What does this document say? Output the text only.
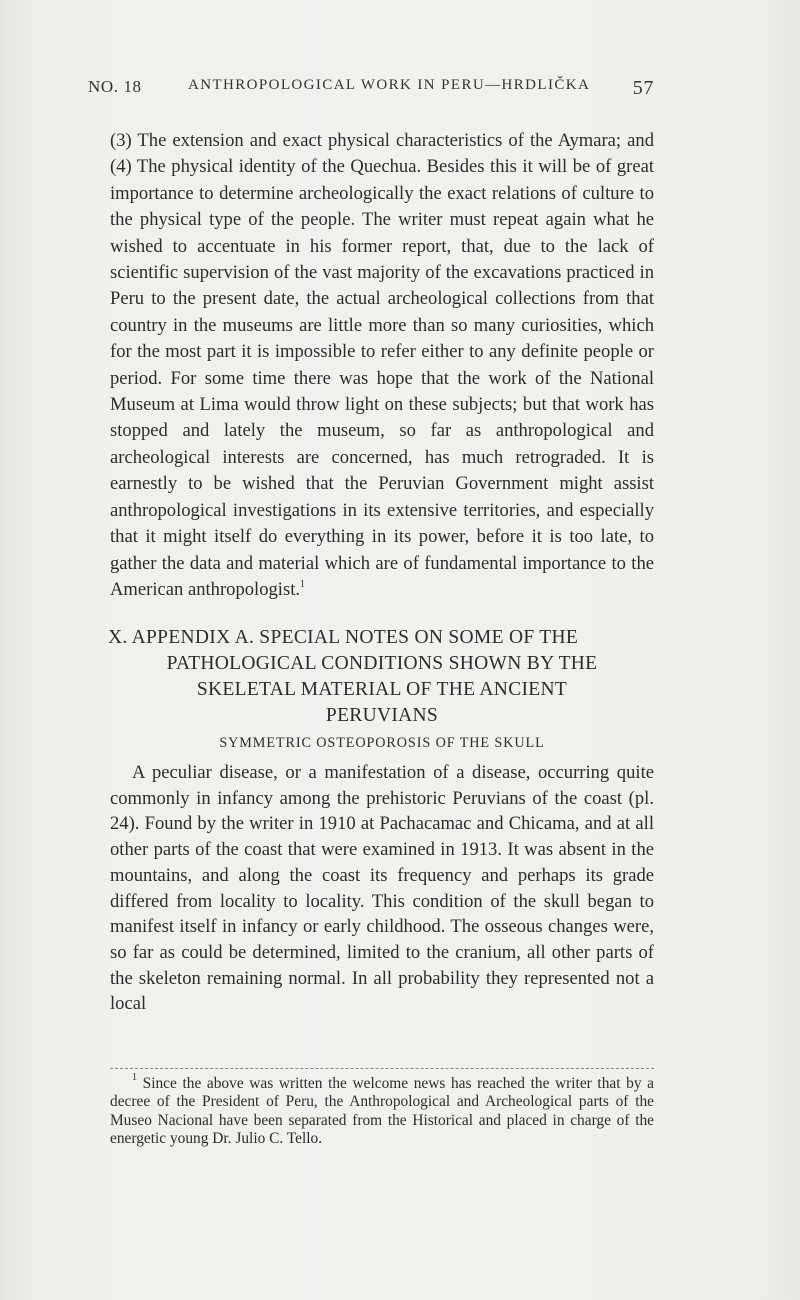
NO. 18	ANTHROPOLOGICAL WORK IN PERU—HRDLIČKA 57

(3) The extension and exact physical characteristics of the Aymara; and (4) The physical identity of the Quechua. Besides this it will be of great importance to determine archeologically the exact relations of culture to the physical type of the people. The writer must repeat again what he wished to accentuate in his former report, that, due to the lack of scientific supervision of the vast majority of the excavations practiced in Peru to the present date, the actual archeological collections from that country in the museums are little more than so many curiosities, which for the most part it is impossible to refer either to any definite people or period. For some time there was hope that the work of the National Museum at Lima would throw light on these subjects; but that work has stopped and lately the museum, so far as anthropological and archeological interests are concerned, has much retrograded. It is earnestly to be wished that the Peruvian Government might assist anthropological investigations in its extensive territories, and especially that it might itself do everything in its power, before it is too late, to gather the data and material which are of fundamental importance to the American anthropologist.$^1$

X. APPENDIX A. SPECIAL NOTES ON SOME OF THE
PATHOLOGICAL CONDITIONS SHOWN BY THE
SKELETAL MATERIAL OF THE ANCIENT
PERUVIANS
SYMMETRIC OSTEOPOROSIS OF THE SKULL
A peculiar disease, or a manifestation of a disease, occurring quite commonly in infancy among the prehistoric Peruvians of the coast (pl. 24). Found by the writer in 1910 at Pachacamac and Chicama, and at all other parts of the coast that were examined in 1913. It was absent in the mountains, and along the coast its frequency and perhaps its grade differed from locality to locality. This condition of the skull began to manifest itself in infancy or early childhood. The osseous changes were, so far as could be determined, limited to the cranium, all other parts of the skeleton remaining normal. In all probability they represented not a local
$^1$ Since the above was written the welcome news has reached the writer that by a decree of the President of Peru, the Anthropological and Archeological parts of the Museo Nacional have been separated from the Historical and placed in charge of the energetic young Dr. Julio C. Tello.
